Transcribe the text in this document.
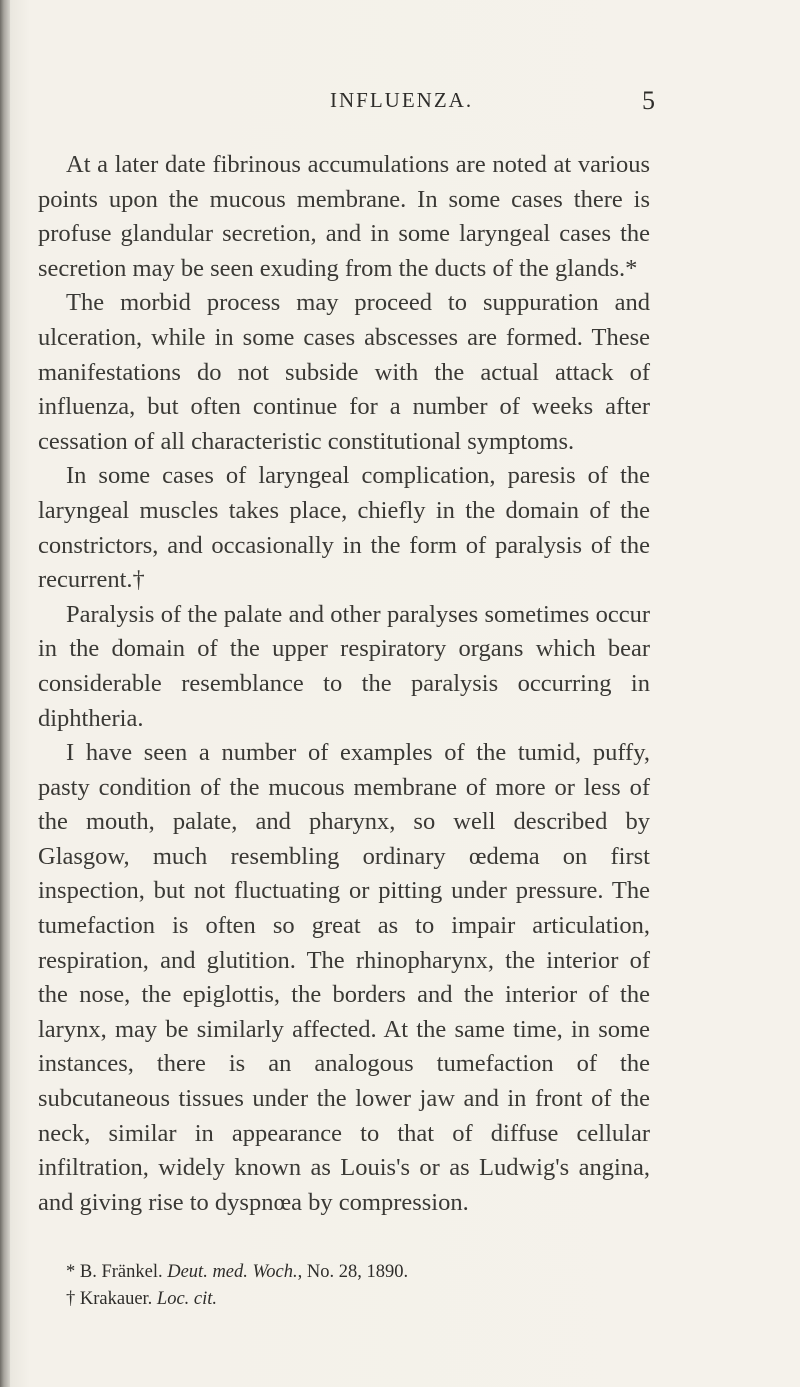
INFLUENZA.	5

At a later date fibrinous accumulations are noted at various points upon the mucous membrane. In some cases there is profuse glandular secretion, and in some laryngeal cases the secretion may be seen exuding from the ducts of the glands.*

The morbid process may proceed to suppuration and ulceration, while in some cases abscesses are formed. These manifestations do not subside with the actual attack of influenza, but often continue for a number of weeks after cessation of all characteristic constitutional symptoms.

In some cases of laryngeal complication, paresis of the laryngeal muscles takes place, chiefly in the domain of the constrictors, and occasionally in the form of paralysis of the recurrent.†

Paralysis of the palate and other paralyses sometimes occur in the domain of the upper respiratory organs which bear considerable resemblance to the paralysis occurring in diphtheria.

I have seen a number of examples of the tumid, puffy, pasty condition of the mucous membrane of more or less of the mouth, palate, and pharynx, so well described by Glasgow, much resembling ordinary œdema on first inspection, but not fluctuating or pitting under pressure. The tumefaction is often so great as to impair articulation, respiration, and glutition. The rhinopharynx, the interior of the nose, the epiglottis, the borders and the interior of the larynx, may be similarly affected. At the same time, in some instances, there is an analogous tumefaction of the subcutaneous tissues under the lower jaw and in front of the neck, similar in appearance to that of diffuse cellular infiltration, widely known as Louis's or as Ludwig's angina, and giving rise to dyspnœa by compression.

* B. Fränkel. Deut. med. Woch., No. 28, 1890.
† Krakauer. Loc. cit.
